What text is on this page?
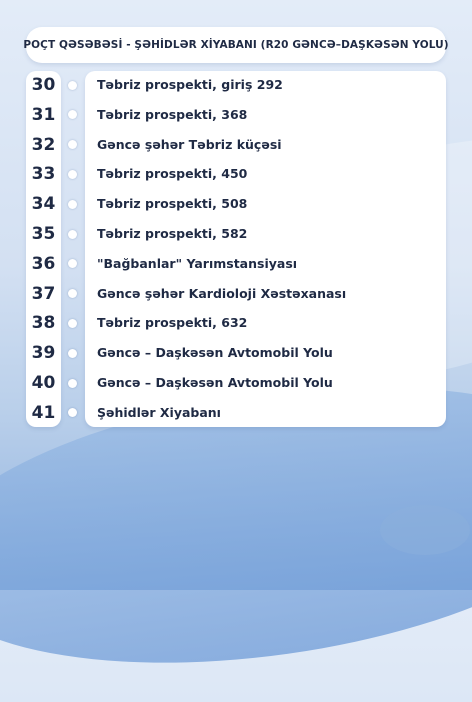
POÇT QƏSƏBƏSİ - ŞƏHİDLƏR XİYABANI (R20 GƏNCƏ–DAŞKƏSƏN YOLU)
30	Təbriz prospekti, giriş 292
31	Təbriz prospekti, 368
32	Gəncə şəhər Təbriz küçəsi
33	Təbriz prospekti, 450
34	Təbriz prospekti, 508
35	Təbriz prospekti, 582
36	"Bağbanlar" Yarımstansiyası
37	Gəncə şəhər Kardioloji Xəstəxanası
38	Təbriz prospekti, 632
39	Gəncə – Daşkəsən Avtomobil Yolu
40	Gəncə – Daşkəsən Avtomobil Yolu
41	Şəhidlər Xiyabanı
